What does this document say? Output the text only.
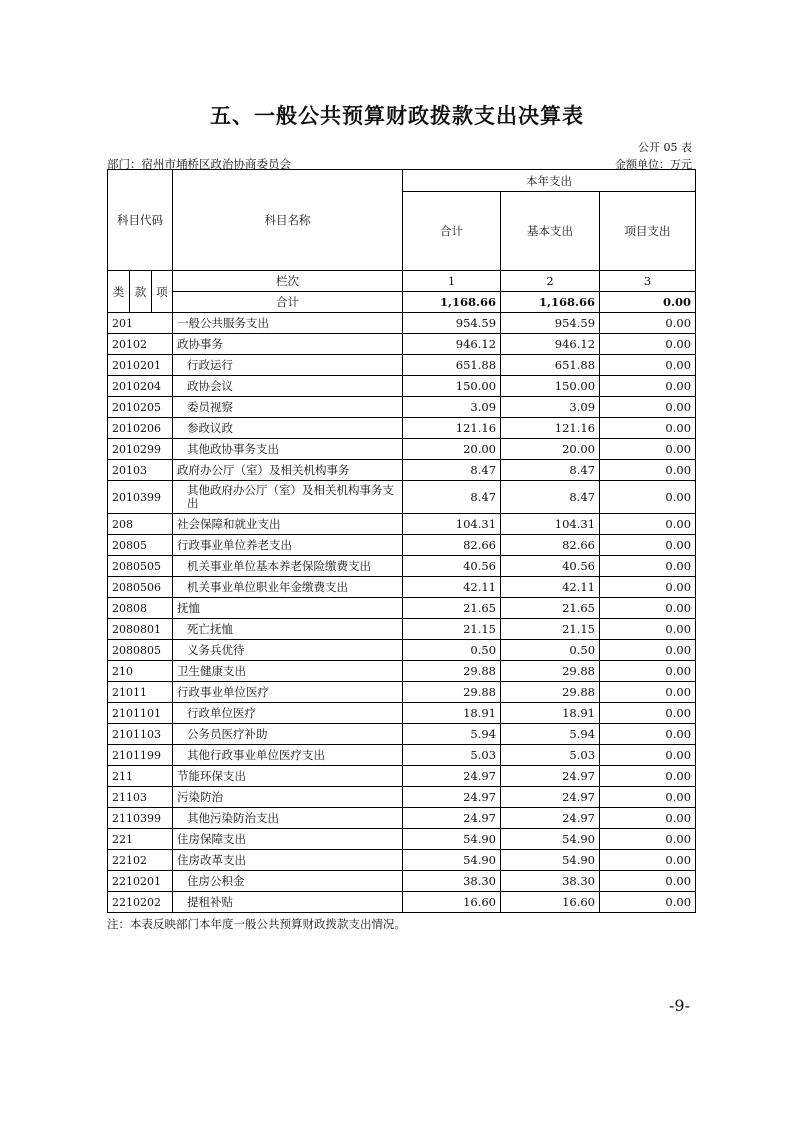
五、一般公共预算财政拨款支出决算表
公开 05 表
部门：宿州市埇桥区政治协商委员会	金额单位：万元
科目代码			科目名称	本年支出		
				合计	基本支出	项目支出
类	款	项	栏次	1	2	3
			合计	1,168.66	1,168.66	0.00
201			一般公共服务支出	954.59	954.59	0.00
20102			政协事务	946.12	946.12	0.00
2010201			行政运行	651.88	651.88	0.00
2010204			政协会议	150.00	150.00	0.00
2010205			委员视察	3.09	3.09	0.00
2010206			参政议政	121.16	121.16	0.00
2010299			其他政协事务支出	20.00	20.00	0.00
20103			政府办公厅（室）及相关机构事务	8.47	8.47	0.00
2010399			其他政府办公厅（室）及相关机构事务支出	8.47	8.47	0.00
208			社会保障和就业支出	104.31	104.31	0.00
20805			行政事业单位养老支出	82.66	82.66	0.00
2080505			机关事业单位基本养老保险缴费支出	40.56	40.56	0.00
2080506			机关事业单位职业年金缴费支出	42.11	42.11	0.00
20808			抚恤	21.65	21.65	0.00
2080801			死亡抚恤	21.15	21.15	0.00
2080805			义务兵优待	0.50	0.50	0.00
210			卫生健康支出	29.88	29.88	0.00
21011			行政事业单位医疗	29.88	29.88	0.00
2101101			行政单位医疗	18.91	18.91	0.00
2101103			公务员医疗补助	5.94	5.94	0.00
2101199			其他行政事业单位医疗支出	5.03	5.03	0.00
211			节能环保支出	24.97	24.97	0.00
21103			污染防治	24.97	24.97	0.00
2110399			其他污染防治支出	24.97	24.97	0.00
221			住房保障支出	54.90	54.90	0.00
22102			住房改革支出	54.90	54.90	0.00
2210201			住房公积金	38.30	38.30	0.00
2210202			提租补贴	16.60	16.60	0.00
注：本表反映部门本年度一般公共预算财政拨款支出情况。
-9-
